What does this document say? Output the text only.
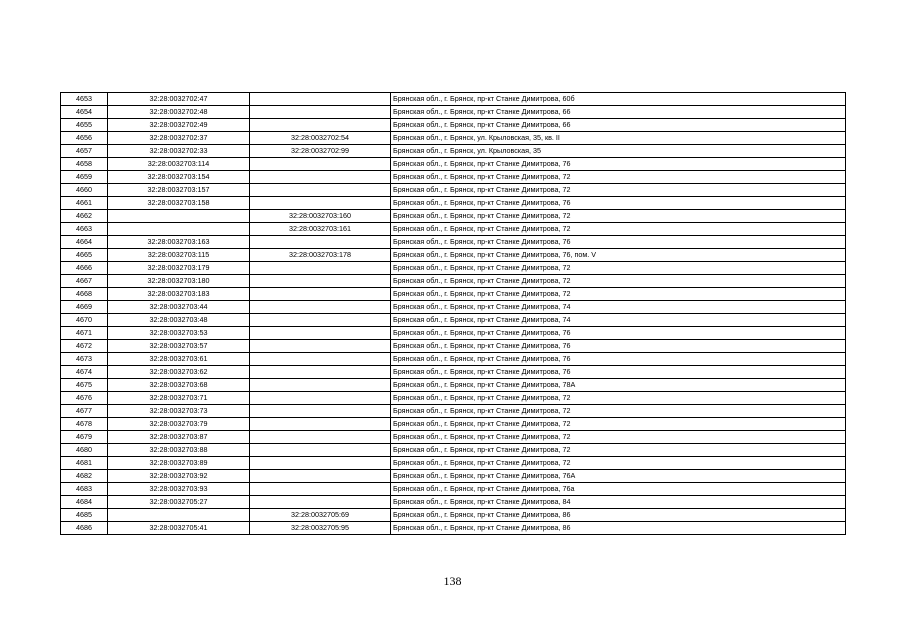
4653	32:28:0032702:47		Брянская обл., г. Брянск, пр-кт Станке Димитрова, 60б
4654	32:28:0032702:48		Брянская обл., г. Брянск, пр-кт Станке Димитрова, 66
4655	32:28:0032702:49		Брянская обл., г. Брянск, пр-кт Станке Димитрова, 66
4656	32:28:0032702:37	32:28:0032702:54	Брянская обл., г. Брянск, ул. Крыловская, 35, кв. II
4657	32:28:0032702:33	32:28:0032702:99	Брянская обл., г. Брянск, ул. Крыловская, 35
4658	32:28:0032703:114		Брянская обл., г. Брянск, пр-кт Станке Димитрова, 76
4659	32:28:0032703:154		Брянская обл., г. Брянск, пр-кт Станке Димитрова, 72
4660	32:28:0032703:157		Брянская обл., г. Брянск, пр-кт Станке Димитрова, 72
4661	32:28:0032703:158		Брянская обл., г. Брянск, пр-кт Станке Димитрова, 76
4662		32:28:0032703:160	Брянская обл., г. Брянск, пр-кт Станке Димитрова, 72
4663		32:28:0032703:161	Брянская обл., г. Брянск, пр-кт Станке Димитрова, 72
4664	32:28:0032703:163		Брянская обл., г. Брянск, пр-кт Станке Димитрова, 76
4665	32:28:0032703:115	32:28:0032703:178	Брянская обл., г. Брянск, пр-кт Станке Димитрова, 76, пом. V
4666	32:28:0032703:179		Брянская обл., г. Брянск, пр-кт Станке Димитрова, 72
4667	32:28:0032703:180		Брянская обл., г. Брянск, пр-кт Станке Димитрова, 72
4668	32:28:0032703:183		Брянская обл., г. Брянск, пр-кт Станке Димитрова, 72
4669	32:28:0032703:44		Брянская обл., г. Брянск, пр-кт Станке Димитрова, 74
4670	32:28:0032703:48		Брянская обл., г. Брянск, пр-кт Станке Димитрова, 74
4671	32:28:0032703:53		Брянская обл., г. Брянск, пр-кт Станке Димитрова, 76
4672	32:28:0032703:57		Брянская обл., г. Брянск, пр-кт Станке Димитрова, 76
4673	32:28:0032703:61		Брянская обл., г. Брянск, пр-кт Станке Димитрова, 76
4674	32:28:0032703:62		Брянская обл., г. Брянск, пр-кт Станке Димитрова, 76
4675	32:28:0032703:68		Брянская обл., г. Брянск, пр-кт Станке Димитрова, 78А
4676	32:28:0032703:71		Брянская обл., г. Брянск, пр-кт Станке Димитрова, 72
4677	32:28:0032703:73		Брянская обл., г. Брянск, пр-кт Станке Димитрова, 72
4678	32:28:0032703:79		Брянская обл., г. Брянск, пр-кт Станке Димитрова, 72
4679	32:28:0032703:87		Брянская обл., г. Брянск, пр-кт Станке Димитрова, 72
4680	32:28:0032703:88		Брянская обл., г. Брянск, пр-кт Станке Димитрова, 72
4681	32:28:0032703:89		Брянская обл., г. Брянск, пр-кт Станке Димитрова, 72
4682	32:28:0032703:92		Брянская обл., г. Брянск, пр-кт Станке Димитрова, 76А
4683	32:28:0032703:93		Брянская обл., г. Брянск, пр-кт Станке Димитрова, 76а
4684	32:28:0032705:27		Брянская обл., г. Брянск, пр-кт Станке Димитрова, 84
4685		32:28:0032705:69	Брянская обл., г. Брянск, пр-кт Станке Димитрова, 86
4686	32:28:0032705:41	32:28:0032705:95	Брянская обл., г. Брянск, пр-кт Станке Димитрова, 86
138
